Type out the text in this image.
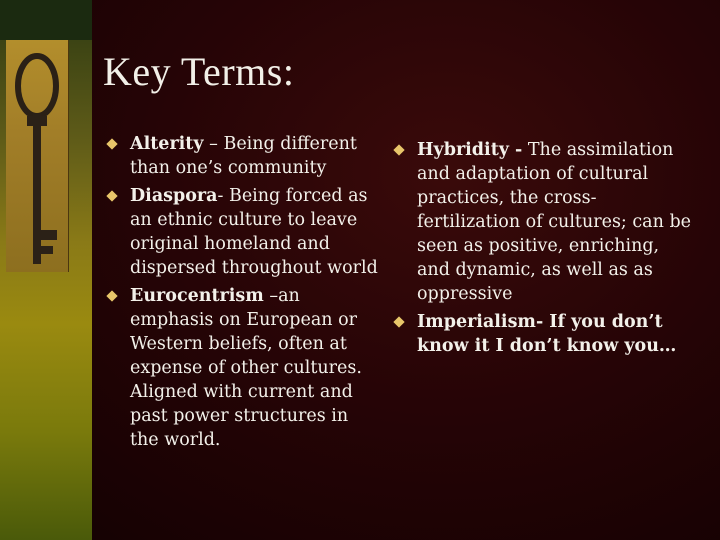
Key Terms:
Alterity – Being different than one’s community
Diaspora- Being forced as an ethnic culture to leave original homeland and dispersed throughout world
Eurocentrism –an emphasis on European or Western beliefs, often at expense of other cultures. Aligned with current and past power structures in the world.
Hybridity - The assimilation and adaptation of cultural practices, the cross-fertilization of cultures; can be seen as positive, enriching, and dynamic, as well as as oppressive
Imperialism- If you don’t know it I don’t know you…
